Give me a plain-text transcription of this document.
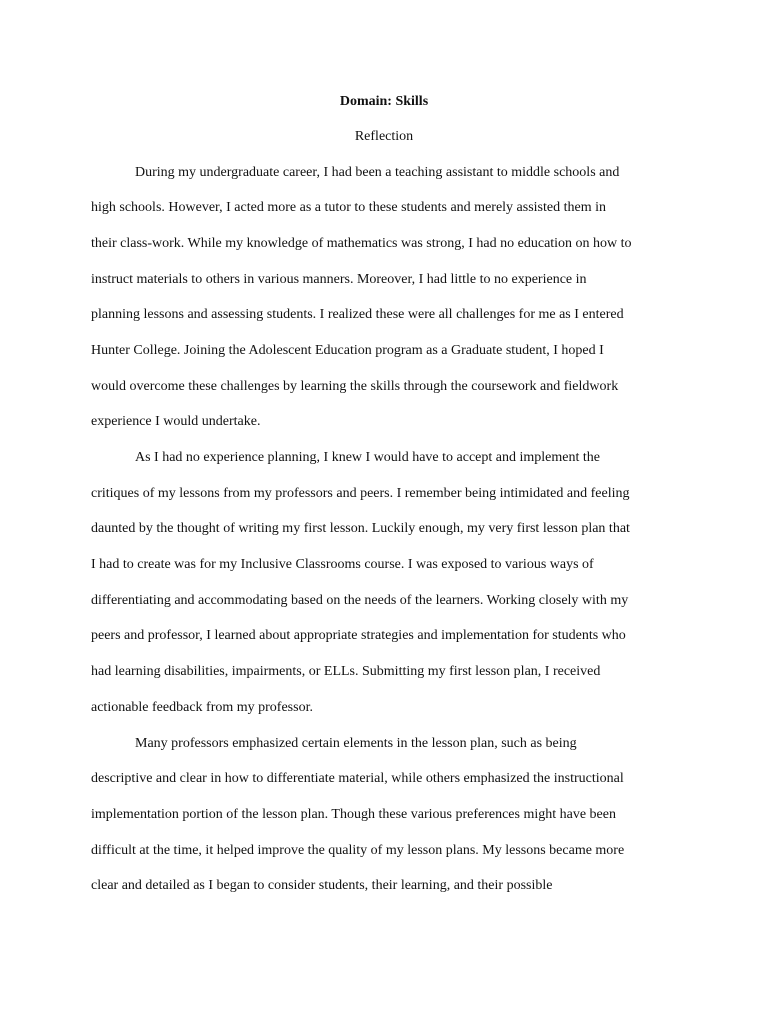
Domain: Skills
Reflection
During my undergraduate career, I had been a teaching assistant to middle schools and
high schools. However, I acted more as a tutor to these students and merely assisted them in
their class-work. While my knowledge of mathematics was strong, I had no education on how to
instruct materials to others in various manners. Moreover, I had little to no experience in
planning lessons and assessing students. I realized these were all challenges for me as I entered
Hunter College. Joining the Adolescent Education program as a Graduate student, I hoped I
would overcome these challenges by learning the skills through the coursework and fieldwork
experience I would undertake.
As I had no experience planning, I knew I would have to accept and implement the
critiques of my lessons from my professors and peers. I remember being intimidated and feeling
daunted by the thought of writing my first lesson. Luckily enough, my very first lesson plan that
I had to create was for my Inclusive Classrooms course. I was exposed to various ways of
differentiating and accommodating based on the needs of the learners. Working closely with my
peers and professor, I learned about appropriate strategies and implementation for students who
had learning disabilities, impairments, or ELLs. Submitting my first lesson plan, I received
actionable feedback from my professor.
Many professors emphasized certain elements in the lesson plan, such as being
descriptive and clear in how to differentiate material, while others emphasized the instructional
implementation portion of the lesson plan. Though these various preferences might have been
difficult at the time, it helped improve the quality of my lesson plans. My lessons became more
clear and detailed as I began to consider students, their learning, and their possible
